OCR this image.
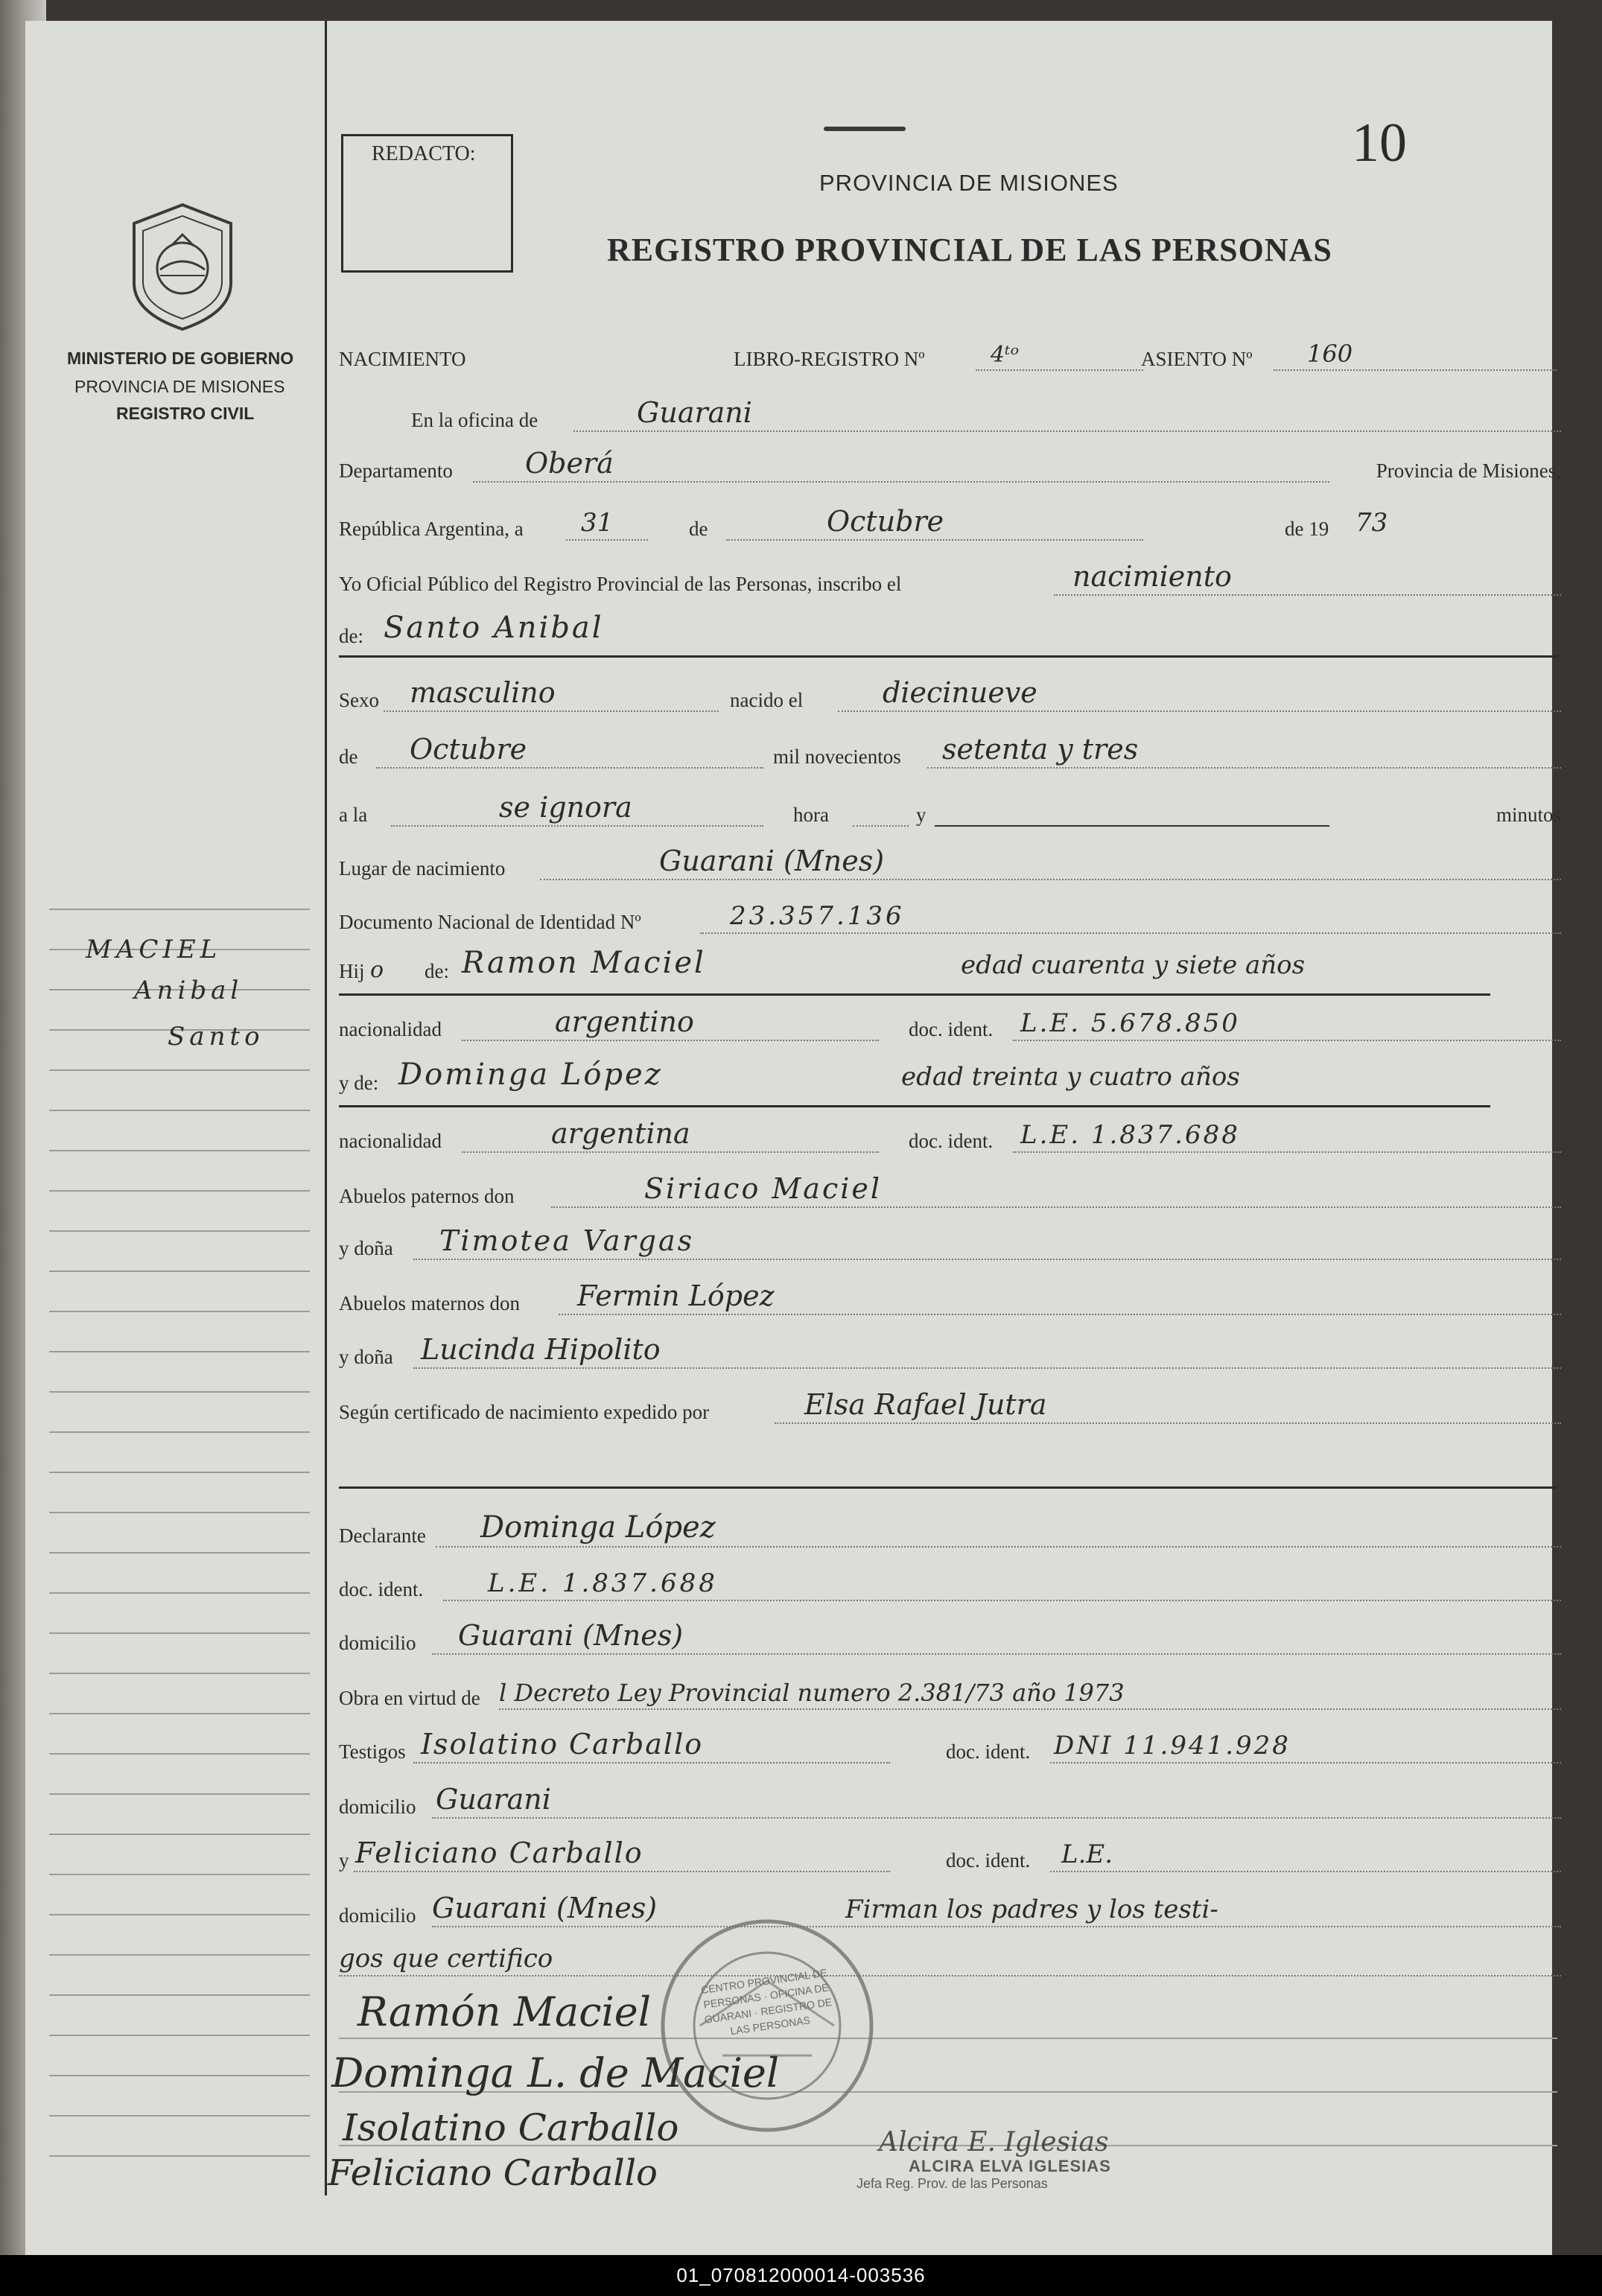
REDACTO:	10
PROVINCIA DE MISIONES
REGISTRO PROVINCIAL DE LAS PERSONAS
MINISTERIO DE GOBIERNO
PROVINCIA DE MISIONES
REGISTRO CIVIL
MACIEL
Anibal
Santo
NACIMIENTO	LIBRO-REGISTRO Nº	4ᵗᵒ	ASIENTO Nº 160
En la oficina de	Guarani
Departamento	Oberá	Provincia de Misiones,
República Argentina, a 31	de	Octubre	de 19 73
Yo Oficial Público del Registro Provincial de las Personas, inscribo el	nacimiento
de: Santo Anibal
Sexo masculino	nacido el	diecinueve
de Octubre	mil novecientos setenta y tres
a la	se ignora	hora	y	minutos
Lugar de nacimiento	Guarani (Mnes)
Documento Nacional de Identidad Nº	23.357.136
Hij o de: Ramon Maciel	edad cuarenta y siete años
nacionalidad	argentino	doc. ident. L.E. 5.678.850
y de: Dominga López	edad treinta y cuatro años
nacionalidad	argentina	doc. ident. L.E. 1.837.688
Abuelos paternos don	Siriaco Maciel
y doña Timotea Vargas
Abuelos maternos don Fermin López
y doña Lucinda Hipolito
Según certificado de nacimiento expedido por	Elsa Rafael Jutra
Declarante Dominga López
doc. ident.	L.E. 1.837.688
domicilio Guarani (Mnes)
Obra en virtud de l Decreto Ley Provincial numero 2.381/73 año 1973
Testigos Isolatino Carballo	doc. ident. DNI 11.941.928
domicilio Guarani
y Feliciano Carballo	doc. ident. L.E.
domicilio Guarani (Mnes)	Firman los padres y los testi-
gos que certifico
CENTRO PROVINCIAL DE PERSONAS · OFICINA DE GUARANI · REGISTRO DE LAS PERSONAS
Ramón Maciel
Dominga L. de Maciel
Isolatino Carballo
Feliciano Carballo
Alcira E. Iglesias
ALCIRA ELVA IGLESIAS
Jefa Reg. Prov. de las Personas
01_070812000014-003536
